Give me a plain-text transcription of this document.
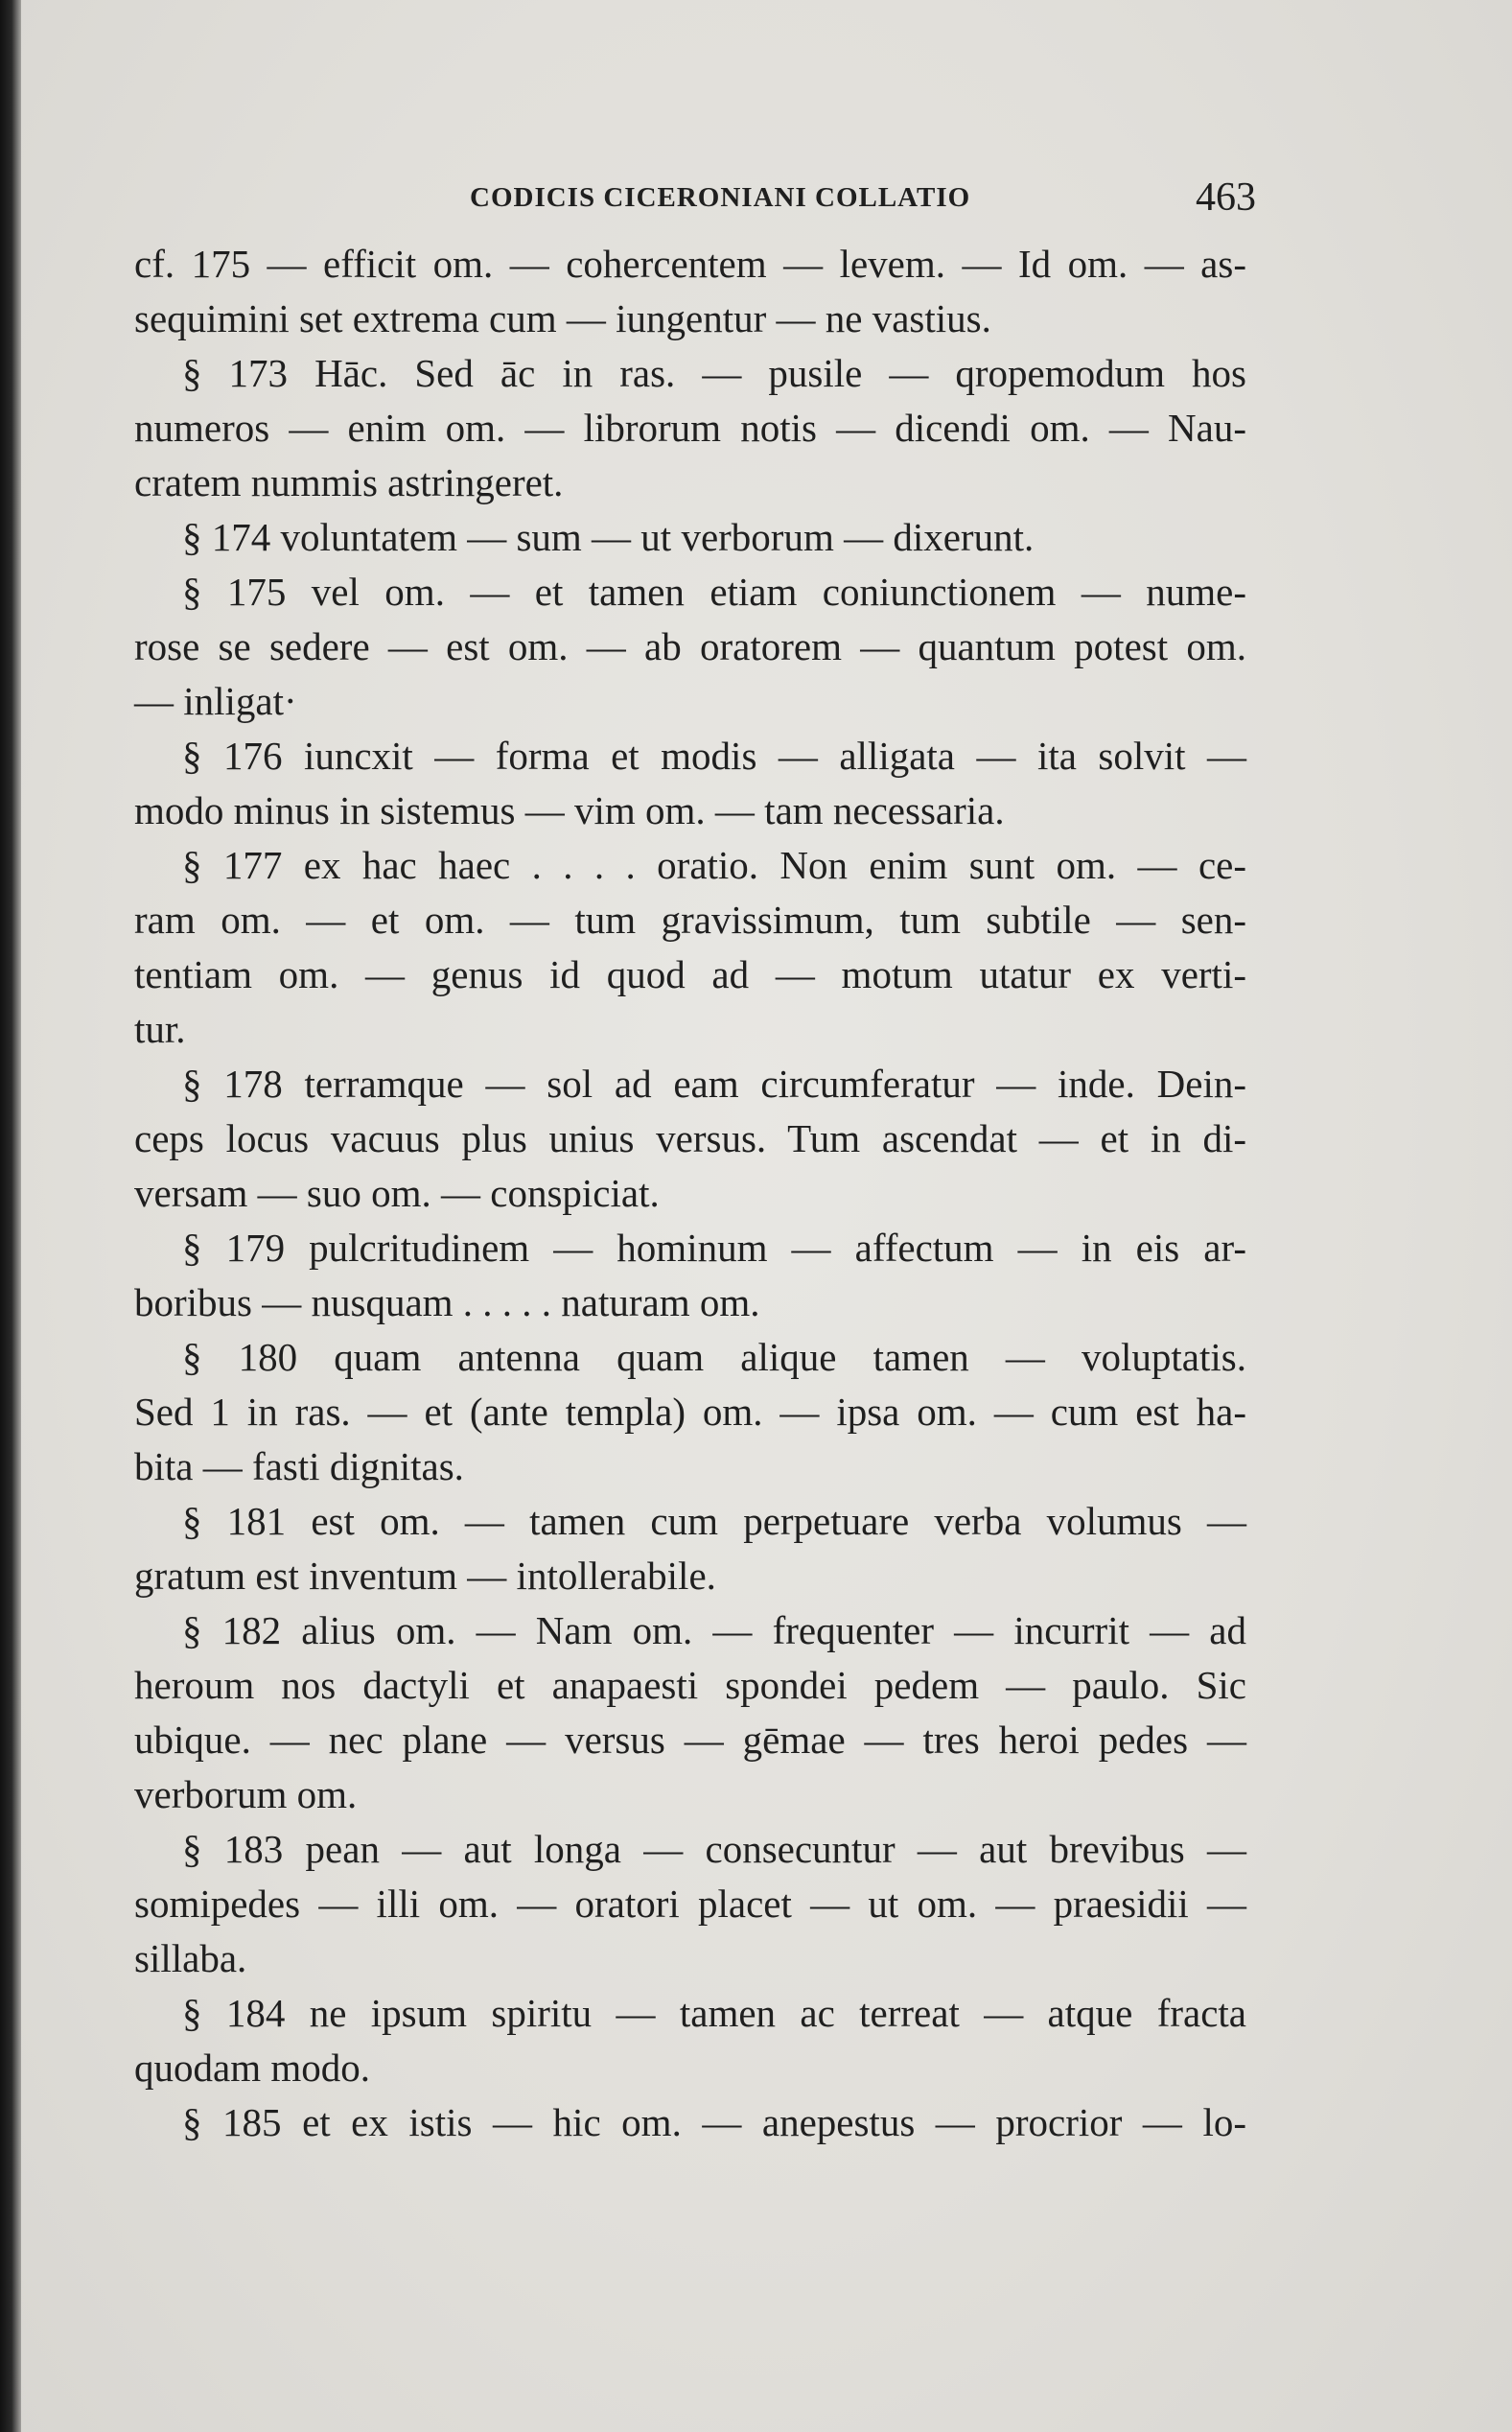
CODICIS CICERONIANI COLLATIO	463
cf. 175 — efficit om. — cohercentem — levem. — Id om. — as-
sequimini set extrema cum — iungentur — ne vastius.
§ 173 Hāc. Sed āc in ras. — pusile — qropemodum hos
numeros — enim om. — librorum notis — dicendi om. — Nau-
cratem nummis astringeret.
§ 174 voluntatem — sum — ut verborum — dixerunt.
§ 175 vel om. — et tamen etiam coniunctionem — nume-
rose se sedere — est om. — ab oratorem — quantum potest om.
— inligat·
§ 176 iuncxit — forma et modis — alligata — ita solvit —
modo minus in sistemus — vim om. — tam necessaria.
§ 177 ex hac haec . . . . oratio. Non enim sunt om. — ce-
ram om. — et om. — tum gravissimum, tum subtile — sen-
tentiam om. — genus id quod ad — motum utatur ex verti-
tur.
§ 178 terramque — sol ad eam circumferatur — inde. Dein-
ceps locus vacuus plus unius versus. Tum ascendat — et in di-
versam — suo om. — conspiciat.
§ 179 pulcritudinem — hominum — affectum — in eis ar-
boribus — nusquam . . . . . naturam om.
§ 180 quam antenna quam alique tamen — voluptatis.
Sed 1 in ras. — et (ante templa) om. — ipsa om. — cum est ha-
bita — fasti dignitas.
§ 181 est om. — tamen cum perpetuare verba volumus —
gratum est inventum — intollerabile.
§ 182 alius om. — Nam om. — frequenter — incurrit — ad
heroum nos dactyli et anapaesti spondei pedem — paulo. Sic
ubique. — nec plane — versus — gēmae — tres heroi pedes —
verborum om.
§ 183 pean — aut longa — consecuntur — aut brevibus —
somipedes — illi om. — oratori placet — ut om. — praesidii —
sillaba.
§ 184 ne ipsum spiritu — tamen ac terreat — atque fracta
quodam modo.
§ 185 et ex istis — hic om. — anepestus — procrior — lo-
